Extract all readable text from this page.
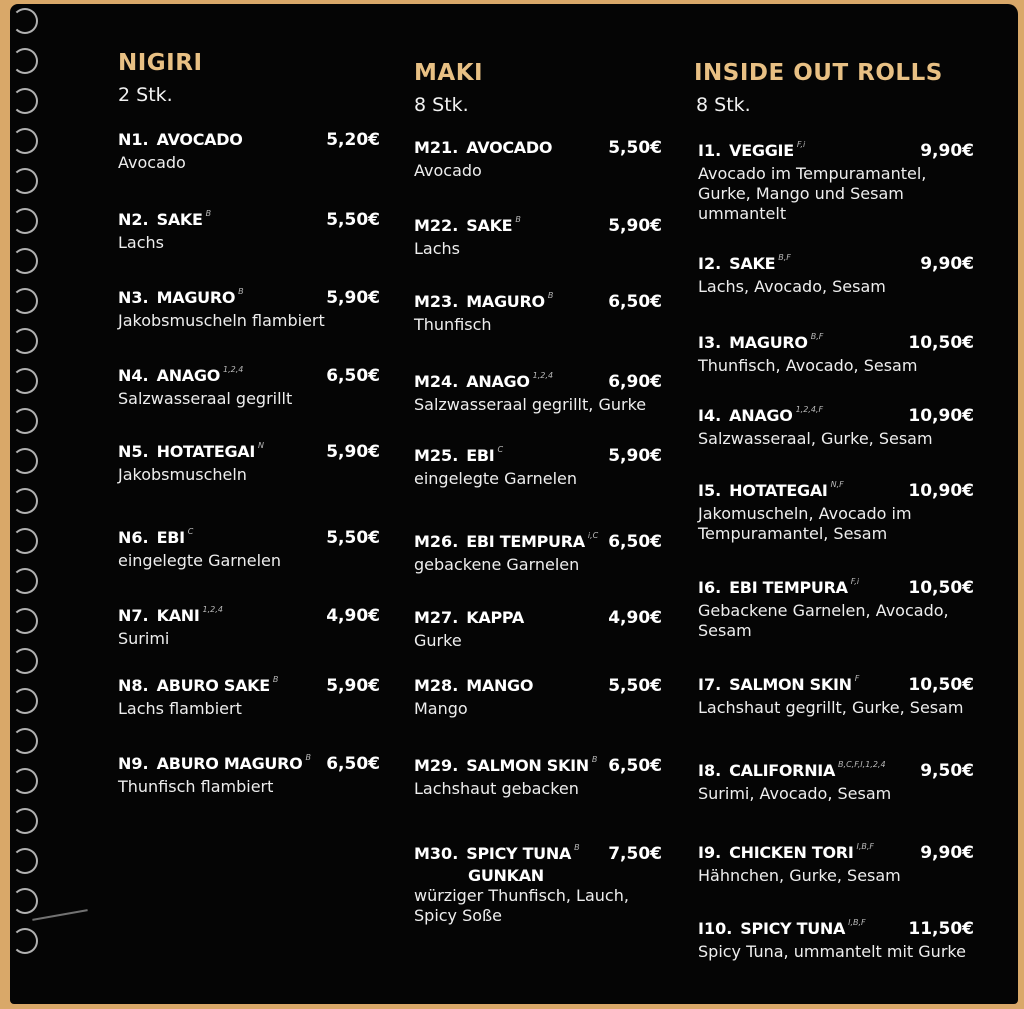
NIGIRI
2 Stk.
MAKI
8 Stk.
INSIDE OUT ROLLS
8 Stk.
N1. AVOCADO	5,20€
Avocado
N2. SAKE $^B$	5,50€
Lachs
N3. MAGURO $^B$	5,90€
Jakobsmuscheln flambiert
N4. ANAGO $^{1,2,4}$	6,50€
Salzwasseraal gegrillt
N5. HOTATEGAI $^N$	5,90€
Jakobsmuscheln
N6. EBI $^C$	5,50€
eingelegte Garnelen
N7. KANI $^{1,2,4}$	4,90€
Surimi
N8. ABURO SAKE $^B$	5,90€
Lachs flambiert
N9. ABURO MAGURO $^B$ 6,50€
Thunfisch flambiert
M21. AVOCADO	5,50€
Avocado
M22. SAKE $^B$	5,90€
Lachs
M23. MAGURO $^B$	6,50€
Thunfisch
M24. ANAGO $^{1,2,4}$	6,90€
Salzwasseraal gegrillt, Gurke
M25. EBI $^C$	5,90€
eingelegte Garnelen
M26. EBI TEMPURA $^{i,C}$ 6,50€
gebackene Garnelen
M27. KAPPA	4,90€
Gurke
M28. MANGO	5,50€
Mango
M29. SALMON SKIN $^B$ 6,50€
Lachshaut gebacken
M30. SPICY TUNA $^B$ 7,50€
GUNKAN
würziger Thunfisch, Lauch, Spicy Soße
I1. VEGGIE $^{F,i}$	9,90€
Avocado im Tempuramantel, Gurke, Mango und Sesam ummantelt
I2. SAKE $^{B,F}$	9,90€
Lachs, Avocado, Sesam
I3. MAGURO $^{B,F}$	10,50€
Thunfisch, Avocado, Sesam
I4. ANAGO $^{1,2,4,F}$	10,90€
Salzwasseraal, Gurke, Sesam
I5. HOTATEGAI $^{N,F}$	10,90€
Jakomuscheln, Avocado im Tempuramantel, Sesam
I6. EBI TEMPURA $^{F,i}$	10,50€
Gebackene Garnelen, Avocado, Sesam
I7. SALMON SKIN $^F$	10,50€
Lachshaut gegrillt, Gurke, Sesam
I8. CALIFORNIA $^{B,C,F,I,1,2,4}$ 9,50€
Surimi, Avocado, Sesam
I9. CHICKEN TORI $^{I,B,F}$	9,90€
Hähnchen, Gurke, Sesam
I10. SPICY TUNA $^{I,B,F}$	11,50€
Spicy Tuna, ummantelt mit Gurke
